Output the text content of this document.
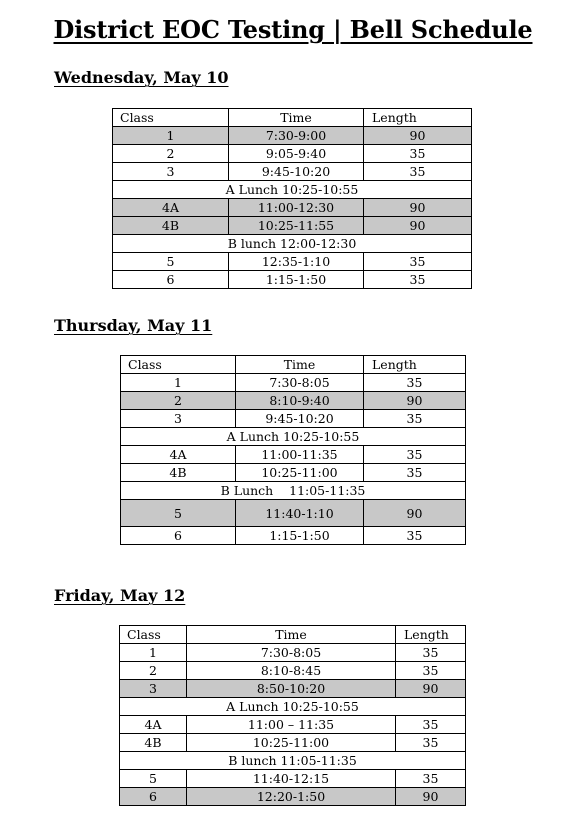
District EOC Testing | Bell Schedule
Wednesday, May 10
Class	Time	Length
1	7:30-9:00	90
2	9:05-9:40	35
3	9:45-10:20	35
A Lunch 10:25-10:55		
4A	11:00-12:30	90
4B	10:25-11:55	90
B lunch 12:00-12:30		
5	12:35-1:10	35
6	1:15-1:50	35
Thursday, May 11
Class	Time	Length
1	7:30-8:05	35
2	8:10-9:40	90
3	9:45-10:20	35
A Lunch 10:25-10:55		
4A	11:00-11:35	35
4B	10:25-11:00	35
B Lunch    11:05-11:35		
5	11:40-1:10	90
6	1:15-1:50	35
Friday, May 12
Class	Time	Length
1	7:30-8:05	35
2	8:10-8:45	35
3	8:50-10:20	90
A Lunch 10:25-10:55		
4A	11:00 – 11:35	35
4B	10:25-11:00	35
B lunch 11:05-11:35		
5	11:40-12:15	35
6	12:20-1:50	90
